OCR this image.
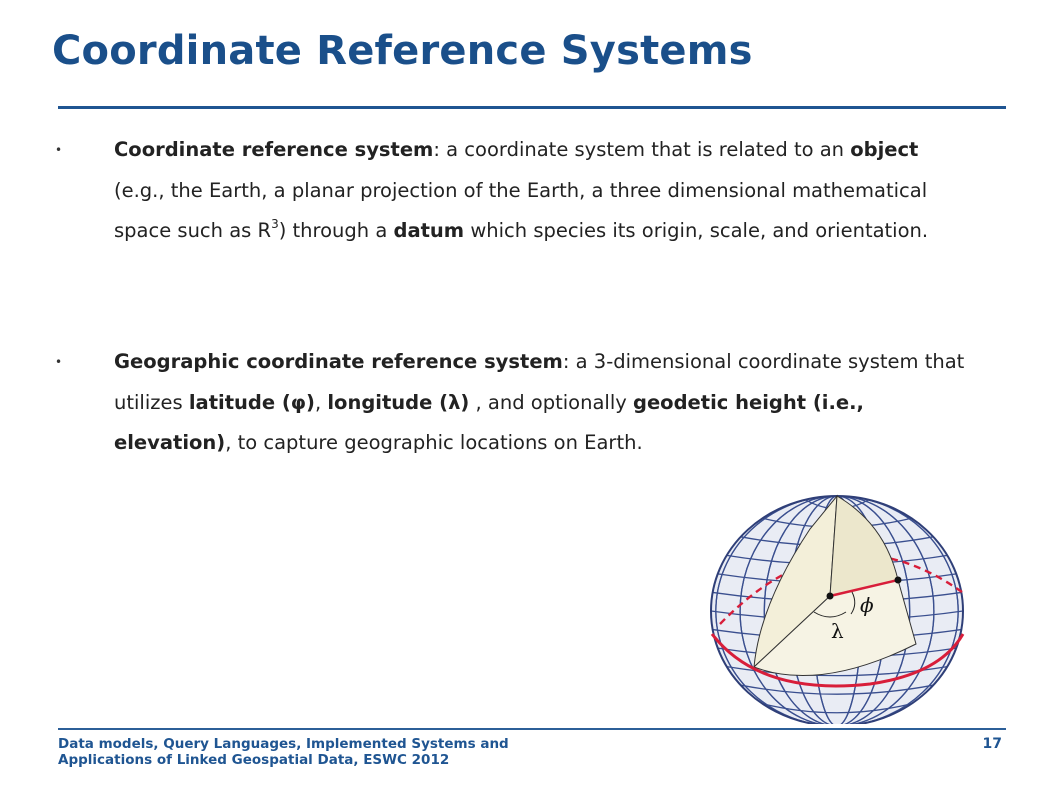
Coordinate Reference Systems
•	Coordinate reference system: a coordinate system that is related to an object (e.g., the Earth, a planar projection of the Earth, a three dimensional mathematical space such as $R^3$) through a datum which species its origin, scale, and orientation.
•	Geographic coordinate reference system: a 3-dimensional coordinate system that utilizes latitude (φ), longitude (λ) , and optionally geodetic height (i.e., elevation), to capture geographic locations on Earth.
ϕ
λ
Data models, Query Languages, Implemented Systems and
Applications of Linked Geospatial Data, ESWC 2012
17
